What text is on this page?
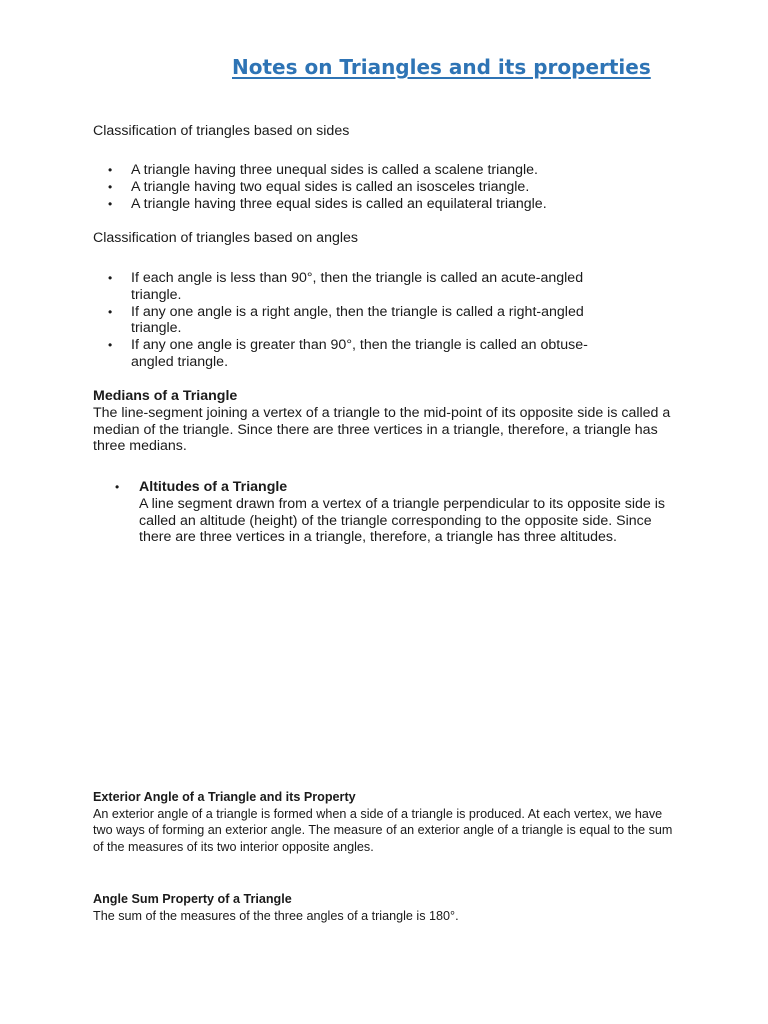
Notes on Triangles and its properties

Classification of triangles based on sides

• A triangle having three unequal sides is called a scalene triangle.
• A triangle having two equal sides is called an isosceles triangle.
• A triangle having three equal sides is called an equilateral triangle.

Classification of triangles based on angles

• If each angle is less than 90°, then the triangle is called an acute-angled triangle.
• If any one angle is a right angle, then the triangle is called a right-angled triangle.
• If any one angle is greater than 90°, then the triangle is called an obtuse-angled triangle.
Medians of a Triangle
The line-segment joining a vertex of a triangle to the mid-point of its opposite side is called a median of the triangle. Since there are three vertices in a triangle, therefore, a triangle has three medians.
• Altitudes of a Triangle
A line segment drawn from a vertex of a triangle perpendicular to its opposite side is called an altitude (height) of the triangle corresponding to the opposite side. Since there are three vertices in a triangle, therefore, a triangle has three altitudes.
Exterior Angle of a Triangle and its Property
An exterior angle of a triangle is formed when a side of a triangle is produced. At each vertex, we have two ways of forming an exterior angle. The measure of an exterior angle of a triangle is equal to the sum of the measures of its two interior opposite angles.
Angle Sum Property of a Triangle
The sum of the measures of the three angles of a triangle is 180°.
